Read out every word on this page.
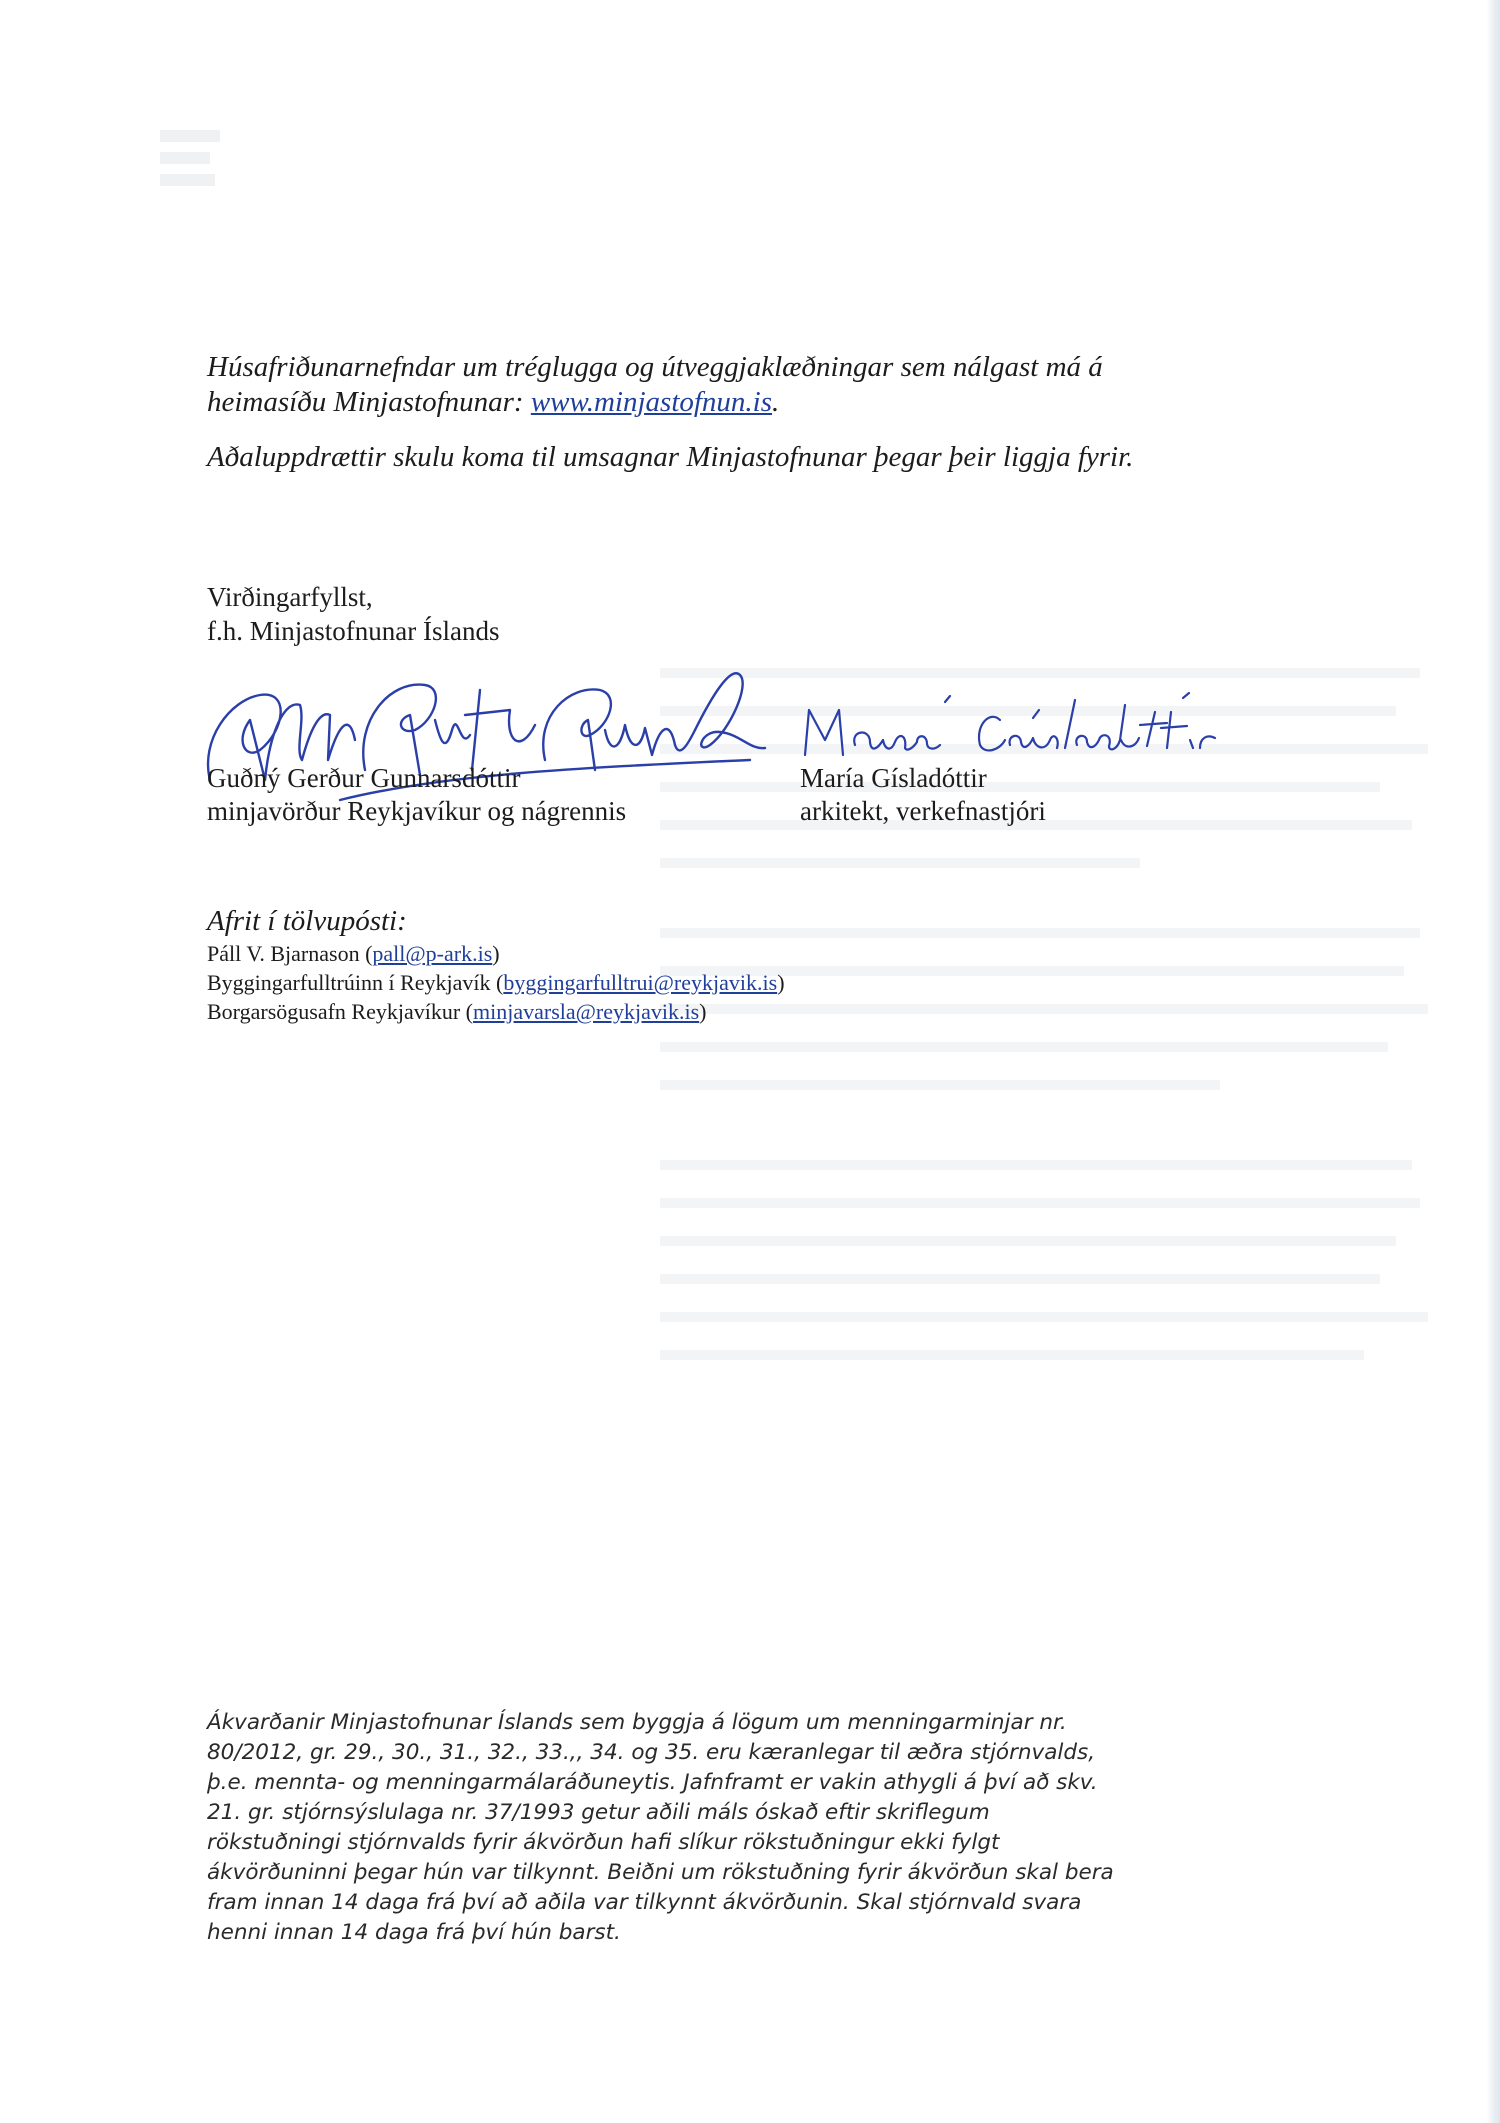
Húsafriðunarnefndar um tréglugga og útveggjaklæðningar sem nálgast má á heimasíðu Minjastofnunar: www.minjastofnun.is.

Aðaluppdrættir skulu koma til umsagnar Minjastofnunar þegar þeir liggja fyrir.

Virðingarfyllst,
f.h. Minjastofnunar Íslands
Guðný Gerður Gunnarsdóttir
minjavörður Reykjavíkur og nágrennis
María Gísladóttir
arkitekt, verkefnastjóri
Afrit í tölvupósti:
Páll V. Bjarnason (pall@p-ark.is)
Byggingarfulltrúinn í Reykjavík (byggingarfulltrui@reykjavik.is)
Borgarsögusafn Reykjavíkur (minjavarsla@reykjavik.is)

Ákvarðanir Minjastofnunar Íslands sem byggja á lögum um menningarminjar nr. 80/2012, gr. 29., 30., 31., 32., 33.,, 34. og 35. eru kæranlegar til æðra stjórnvalds, þ.e. mennta- og menningarmálaráðuneytis. Jafnframt er vakin athygli á því að skv. 21. gr. stjórnsýslulaga nr. 37/1993 getur aðili máls óskað eftir skriflegum rökstuðningi stjórnvalds fyrir ákvörðun hafi slíkur rökstuðningur ekki fylgt ákvörðuninni þegar hún var tilkynnt. Beiðni um rökstuðning fyrir ákvörðun skal bera fram innan 14 daga frá því að aðila var tilkynnt ákvörðunin. Skal stjórnvald svara henni innan 14 daga frá því hún barst.
